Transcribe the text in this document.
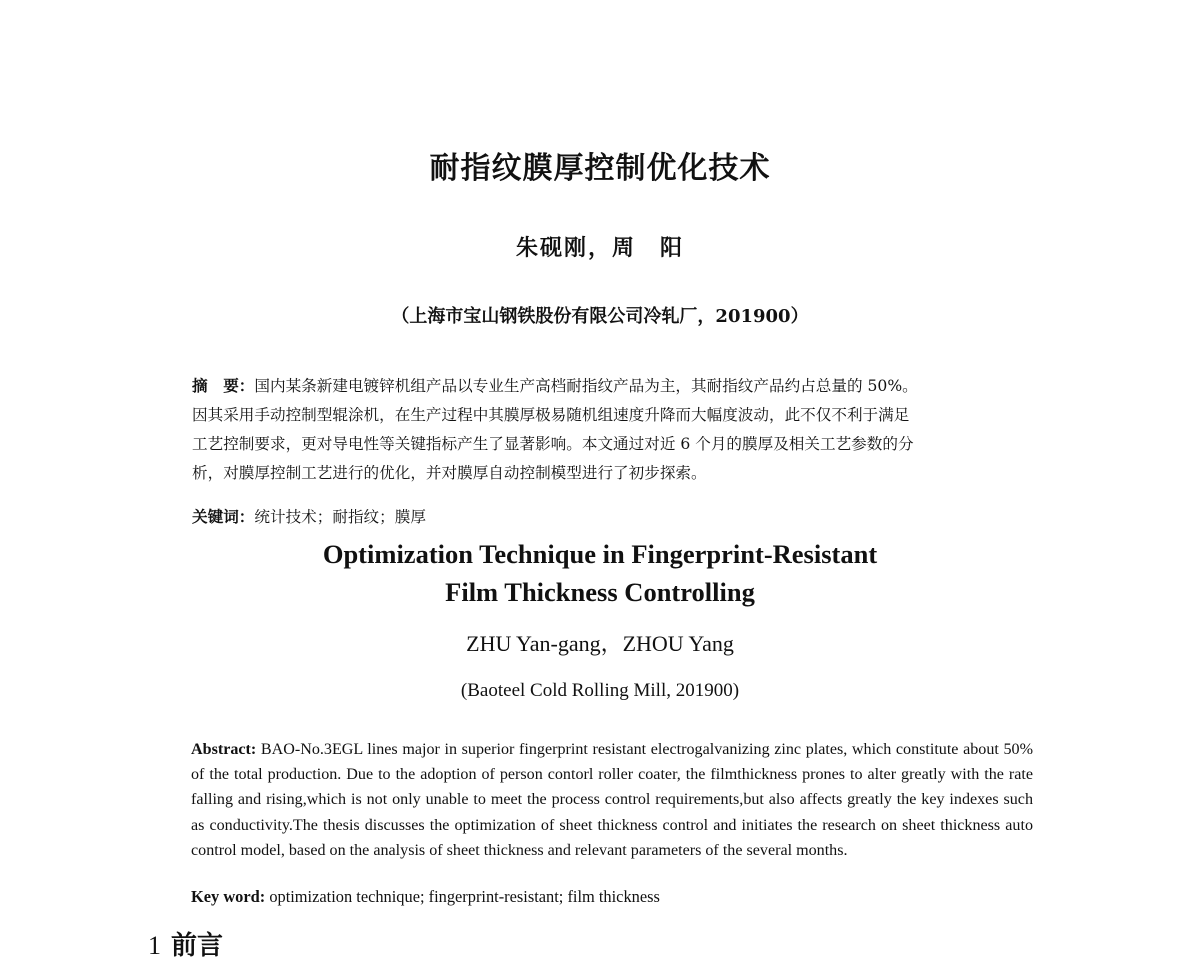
耐指纹膜厚控制优化技术
朱砚刚，周　阳
（上海市宝山钢铁股份有限公司冷轧厂，201900）
摘　要：国内某条新建电镀锌机组产品以专业生产高档耐指纹产品为主，其耐指纹产品约占总量的 50%。
因其采用手动控制型辊涂机，在生产过程中其膜厚极易随机组速度升降而大幅度波动，此不仅不利于满足
工艺控制要求，更对导电性等关键指标产生了显著影响。本文通过对近 6 个月的膜厚及相关工艺参数的分
析，对膜厚控制工艺进行的优化，并对膜厚自动控制模型进行了初步探索。
关键词：统计技术；耐指纹；膜厚
Optimization Technique in Fingerprint-Resistant
Film Thickness Controlling
ZHU Yan-gang，ZHOU Yang
(Baoteel Cold Rolling Mill, 201900)
Abstract: BAO-No.3EGL lines major in superior fingerprint resistant electrogalvanizing zinc plates, which constitute about 50% of the total production. Due to the adoption of person contorl roller coater, the filmthickness prones to alter greatly with the rate falling and rising,which is not only unable to meet the process control requirements,but also affects greatly the key indexes such as conductivity.The thesis discusses the optimization of sheet thickness control and initiates the research on sheet thickness auto control model, based on the analysis of sheet thickness and relevant parameters of the several months.
Key word: optimization technique; fingerprint-resistant; film thickness
1 前言
